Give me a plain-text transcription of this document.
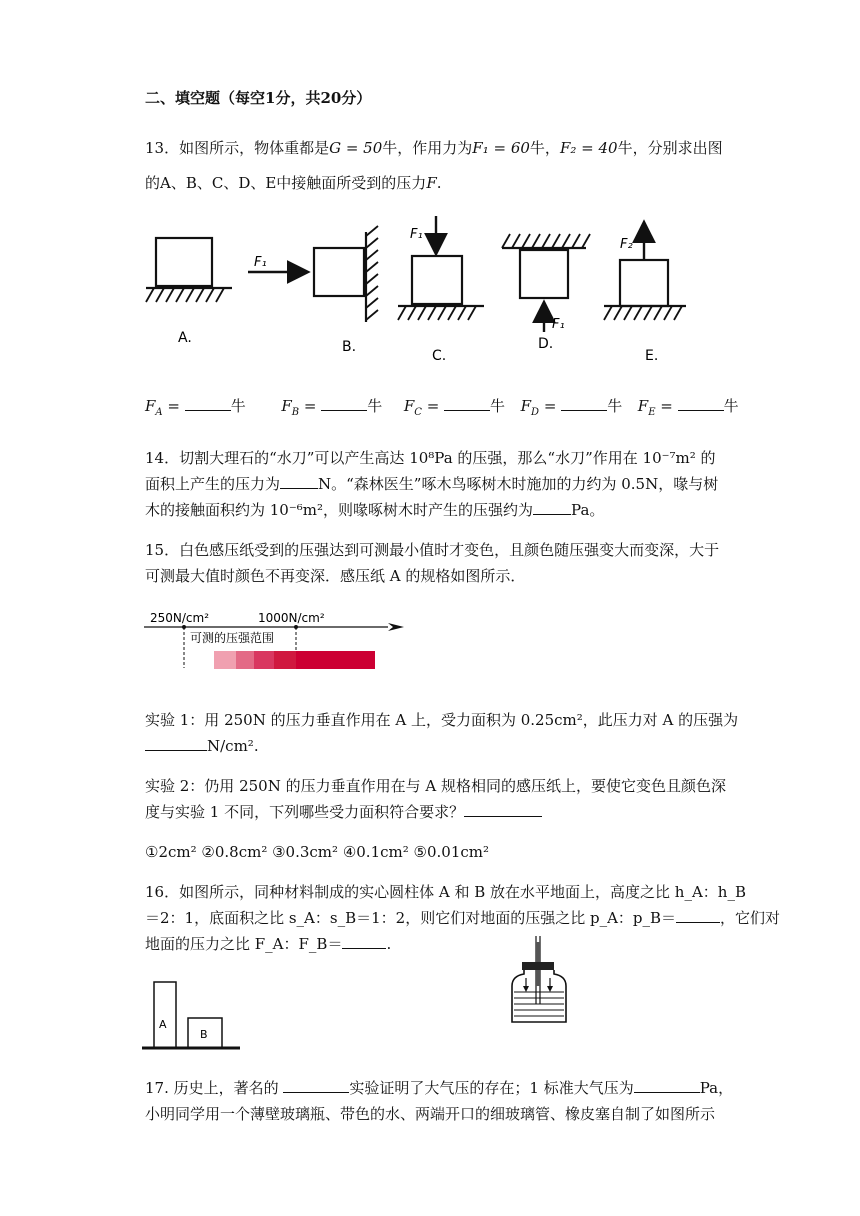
二、填空题（每空1分，共20分）
13．如图所示，物体重都是G = 50牛，作用力为F₁ = 60牛，F₂ = 40牛，分别求出图
的A、B、C、D、E中接触面所受到的压力F.
A.
F₁
B.
F₁
C.
F₁
D.
F₂
E.
$F_A$ =	牛 $F_B$ =	牛 $F_C$ =	牛 $F_D$ =	牛 $F_E$ =	牛
14．切割大理石的“水刀”可以产生高达 10⁸Pa 的压强，那么“水刀”作用在 10⁻⁷m² 的
面积上产生的压力为	N。“森林医生”啄木鸟啄树木时施加的力约为 0.5N，喙与树
木的接触面积约为 10⁻⁶m²，则喙啄树木时产生的压强约为	Pa。
15．白色感压纸受到的压强达到可测最小值时才变色，且颜色随压强变大而变深，大于
可测最大值时颜色不再变深．感压纸 A 的规格如图所示．
250N/cm²	1000N/cm²
可测的压强范围
实验 1：用 250N 的压力垂直作用在 A 上，受力面积为 0.25cm²，此压力对 A 的压强为
N/cm².
实验 2：仍用 250N 的压力垂直作用在与 A 规格相同的感压纸上，要使它变色且颜色深
度与实验 1 不同，下列哪些受力面积符合要求？
①2cm² ②0.8cm² ③0.3cm² ④0.1cm² ⑤0.01cm²
16．如图所示，同种材料制成的实心圆柱体 A 和 B 放在水平地面上，高度之比 h_A：h_B
＝2：1，底面积之比 s_A：s_B＝1：2，则它们对地面的压强之比 p_A：p_B＝	，它们对
地面的压力之比 F_A：F_B＝	.
A
B
17. 历史上，著名的	实验证明了大气压的存在；1 标准大气压为	Pa，
小明同学用一个薄壁玻璃瓶、带色的水、两端开口的细玻璃管、橡皮塞自制了如图所示
